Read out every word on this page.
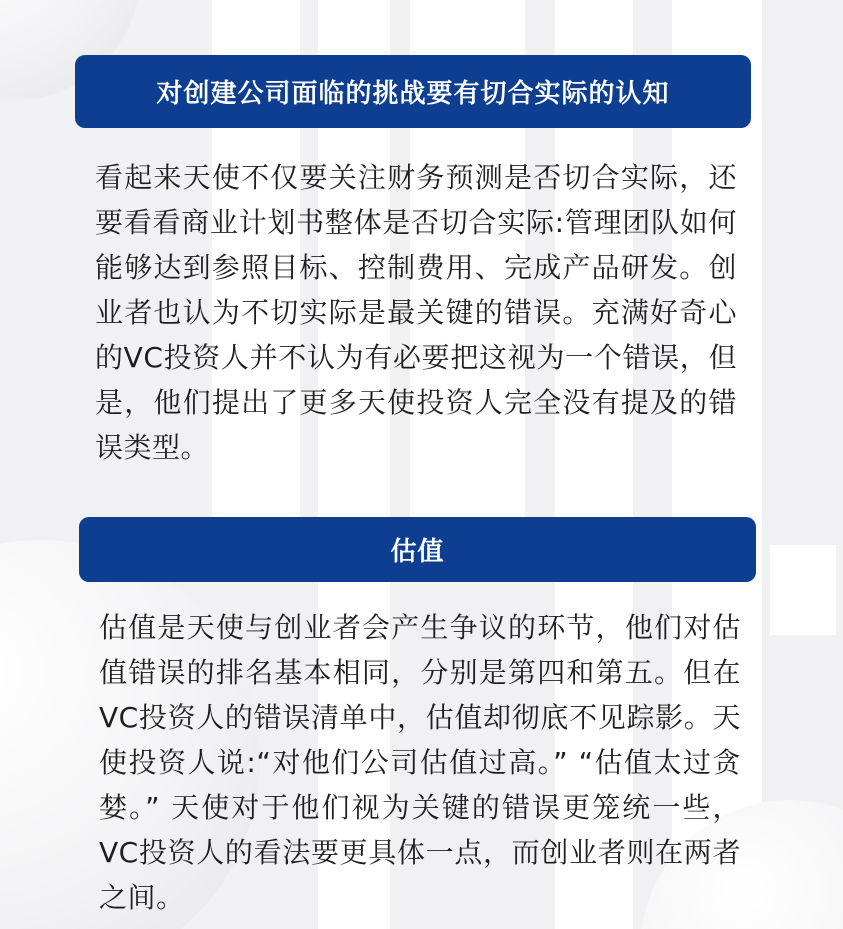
对创建公司面临的挑战要有切合实际的认知
看起来天使不仅要关注财务预测是否切合实际，还要看看商业计划书整体是否切合实际:管理团队如何能够达到参照目标、控制费用、完成产品研发。创业者也认为不切实际是最关键的错误。充满好奇心的VC投资人并不认为有必要把这视为一个错误，但是，他们提出了更多天使投资人完全没有提及的错误类型。
估值
估值是天使与创业者会产生争议的环节，他们对估值错误的排名基本相同，分别是第四和第五。但在VC投资人的错误清单中，估值却彻底不见踪影。天使投资人说:“对他们公司估值过高。” “估值太过贪婪。” 天使对于他们视为关键的错误更笼统一些，VC投资人的看法要更具体一点，而创业者则在两者之间。
